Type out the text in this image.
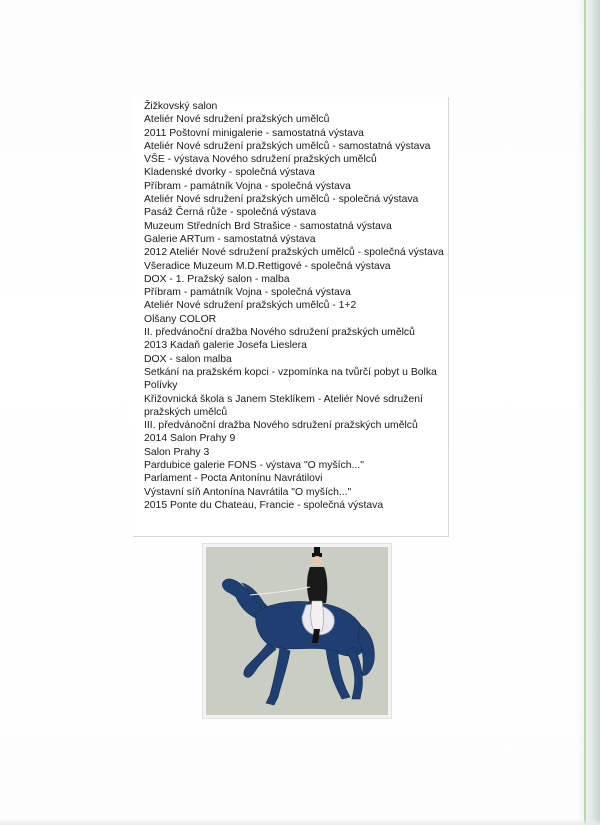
Žižkovský salon
Ateliér Nové sdružení pražských umělců
2011 Poštovní minigalerie - samostatná výstava
Ateliér Nové sdružení pražských umělců - samostatná výstava
VŠE - výstava Nového sdružení pražských umělců
Kladenské dvorky - společná výstava
Příbram - památník Vojna - společná výstava
Ateliér Nové sdružení pražských umělců - společná výstava
Pasáž Černá růže - společná výstava
Muzeum Středních Brd Strašice - samostatná výstava
Galerie ARTum - samostatná výstava
2012 Ateliér Nové sdružení pražských umělců - společná výstava
Všeradice Muzeum M.D.Rettigové - společná výstava
DOX - 1. Pražský salon - malba
Příbram - památník Vojna - společná výstava
Ateliér Nové sdružení pražských umělců - 1+2
Olšany COLOR
II. předvánoční dražba Nového sdružení pražských umělců
2013 Kadaň galerie Josefa Lieslera
DOX - salon malba
Setkání na pražském kopci - vzpomínka na tvůrčí pobyt u Bolka Polívky
Křižovnická škola s Janem Steklíkem - Ateliér Nové sdružení pražských umělců
III. předvánoční dražba Nového sdružení pražských umělců
2014 Salon Prahy 9
Salon Prahy 3
Pardubice galerie FONS - výstava "O myších..."
Parlament - Pocta Antonínu Navrátilovi
Výstavní síň Antonína Navrátila "O myších..."
2015 Ponte du Chateau, Francie - společná výstava
